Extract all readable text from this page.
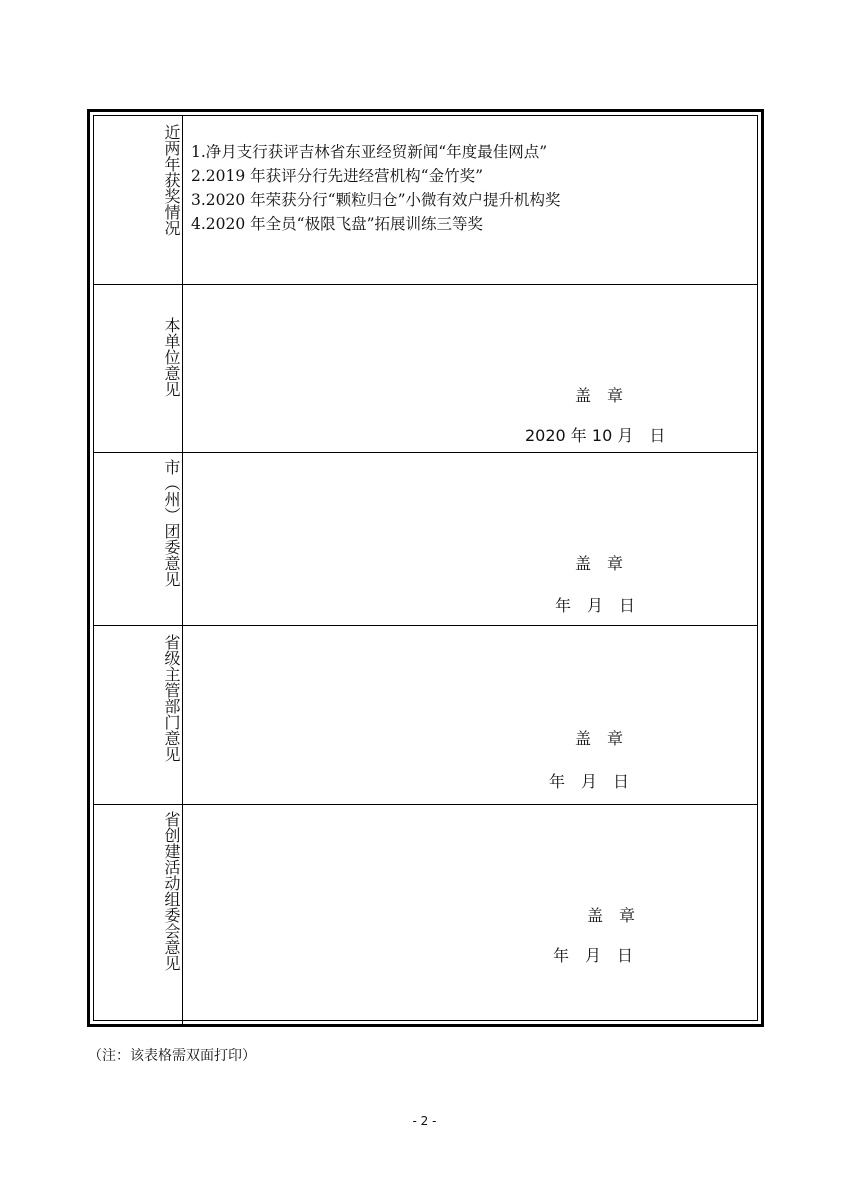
近两年获奖情况 1.净月支行获评吉林省东亚经贸新闻“年度最佳网点”
2.2019 年获评分行先进经营机构“金竹奖”
3.2020 年荣获分行“颗粒归仓”小微有效户提升机构奖
4.2020 年全员“极限飞盘”拓展训练三等奖
本单位意见	盖　章
2020 年 10 月　日
市（州）团委意见	盖　章
年　月　日
省级主管部门意见	盖　章
年　月　日
省创建活动组委会意见	盖　章
年　月　日
（注：该表格需双面打印）
- 2 -
